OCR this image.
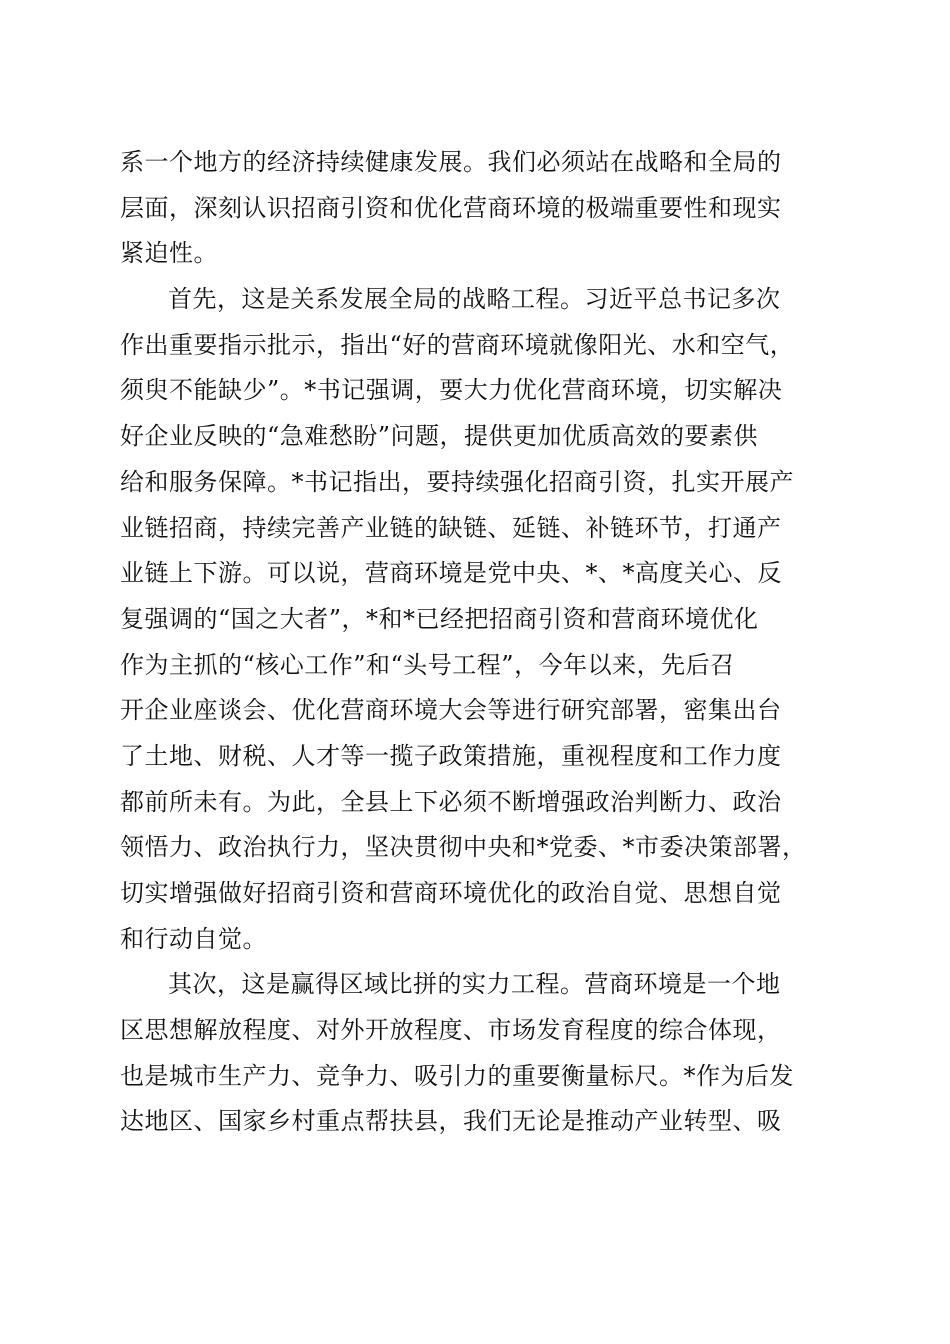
系一个地方的经济持续健康发展。我们必须站在战略和全局的
层面，深刻认识招商引资和优化营商环境的极端重要性和现实
紧迫性。

首先，这是关系发展全局的战略工程。习近平总书记多次
作出重要指示批示，指出“好的营商环境就像阳光、水和空气，
须臾不能缺少”。*书记强调，要大力优化营商环境，切实解决
好企业反映的“急难愁盼”问题，提供更加优质高效的要素供
给和服务保障。*书记指出，要持续强化招商引资，扎实开展产
业链招商，持续完善产业链的缺链、延链、补链环节，打通产
业链上下游。可以说，营商环境是党中央、*、*高度关心、反
复强调的“国之大者”，*和*已经把招商引资和营商环境优化
作为主抓的“核心工作”和“头号工程”，今年以来，先后召
开企业座谈会、优化营商环境大会等进行研究部署，密集出台
了土地、财税、人才等一揽子政策措施，重视程度和工作力度
都前所未有。为此，全县上下必须不断增强政治判断力、政治
领悟力、政治执行力，坚决贯彻中央和*党委、*市委决策部署，
切实增强做好招商引资和营商环境优化的政治自觉、思想自觉
和行动自觉。

其次，这是赢得区域比拼的实力工程。营商环境是一个地
区思想解放程度、对外开放程度、市场发育程度的综合体现，
也是城市生产力、竞争力、吸引力的重要衡量标尺。*作为后发
达地区、国家乡村重点帮扶县，我们无论是推动产业转型、吸
